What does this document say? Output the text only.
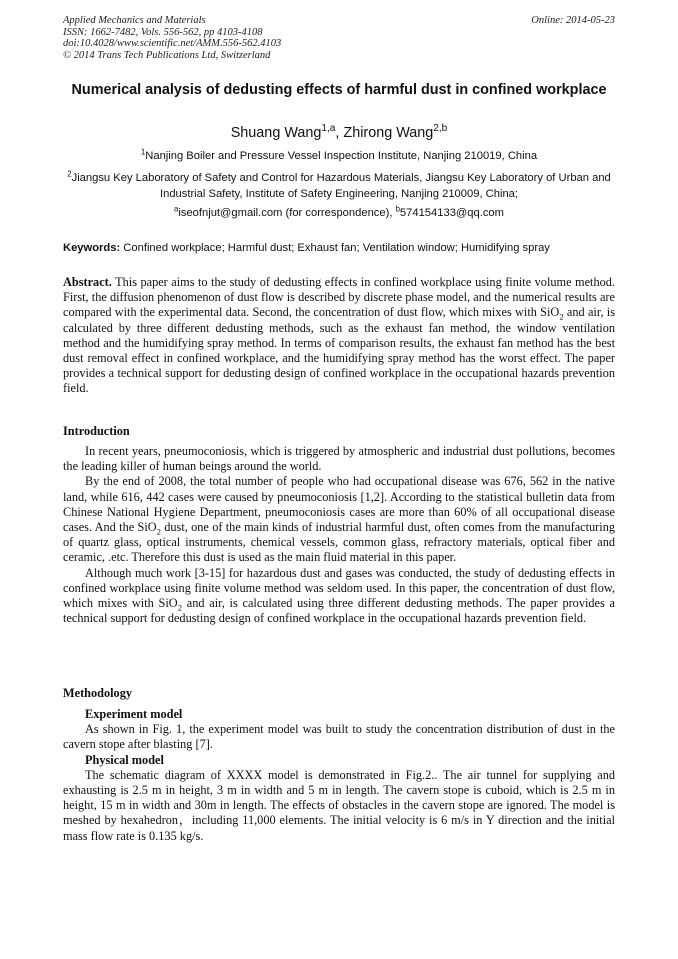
Applied Mechanics and Materials
ISSN: 1662-7482, Vols. 556-562, pp 4103-4108
doi:10.4028/www.scientific.net/AMM.556-562.4103
© 2014 Trans Tech Publications Ltd, Switzerland
Online: 2014-05-23
Numerical analysis of dedusting effects of harmful dust in confined workplace
Shuang Wang$^{1,a}$, Zhirong Wang$^{2,b}$
$^1$Nanjing Boiler and Pressure Vessel Inspection Institute, Nanjing 210019, China
$^2$Jiangsu Key Laboratory of Safety and Control for Hazardous Materials, Jiangsu Key Laboratory of Urban and Industrial Safety, Institute of Safety Engineering, Nanjing 210009, China;
$^a$iseofnjut@gmail.com (for correspondence), $^b$574154133@qq.com
Keywords: Confined workplace; Harmful dust; Exhaust fan; Ventilation window; Humidifying spray

Abstract. This paper aims to the study of dedusting effects in confined workplace using finite volume method. First, the diffusion phenomenon of dust flow is described by discrete phase model, and the numerical results are compared with the experimental data. Second, the concentration of dust flow, which mixes with SiO$_2$ and air, is calculated by three different dedusting methods, such as the exhaust fan method, the window ventilation method and the humidifying spray method. In terms of comparison results, the exhaust fan method has the best dust removal effect in confined workplace, and the humidifying spray method has the worst effect. The paper provides a technical support for dedusting design of confined workplace in the occupational hazards prevention field.

Introduction

In recent years, pneumoconiosis, which is triggered by atmospheric and industrial dust pollutions, becomes the leading killer of human beings around the world.

By the end of 2008, the total number of people who had occupational disease was 676, 562 in the native land, while 616, 442 cases were caused by pneumoconiosis [1,2]. According to the statistical bulletin data from Chinese National Hygiene Department, pneumoconiosis cases are more than 60% of all occupational disease cases. And the SiO$_2$ dust, one of the main kinds of industrial harmful dust, often comes from the manufacturing of quartz glass, optical instruments, chemical vessels, common glass, refractory materials, optical fiber and ceramic, .etc. Therefore this dust is used as the main fluid material in this paper.

Although much work [3-15] for hazardous dust and gases was conducted, the study of dedusting effects in confined workplace using finite volume method was seldom used. In this paper, the concentration of dust flow, which mixes with SiO$_2$ and air, is calculated using three different dedusting methods. The paper provides a technical support for dedusting design of confined workplace in the occupational hazards prevention field.

Methodology

Experiment model

As shown in Fig. 1, the experiment model was built to study the concentration distribution of dust in the cavern stope after blasting [7].

Physical model

The schematic diagram of XXXX model is demonstrated in Fig.2.. The air tunnel for supplying and exhausting is 2.5 m in height, 3 m in width and 5 m in length. The cavern stope is cuboid, which is 2.5 m in height, 15 m in width and 30m in length. The effects of obstacles in the cavern stope are ignored. The model is meshed by hexahedron，including 11,000 elements. The initial velocity is 6 m/s in Y direction and the initial mass flow rate is 0.135 kg/s.
